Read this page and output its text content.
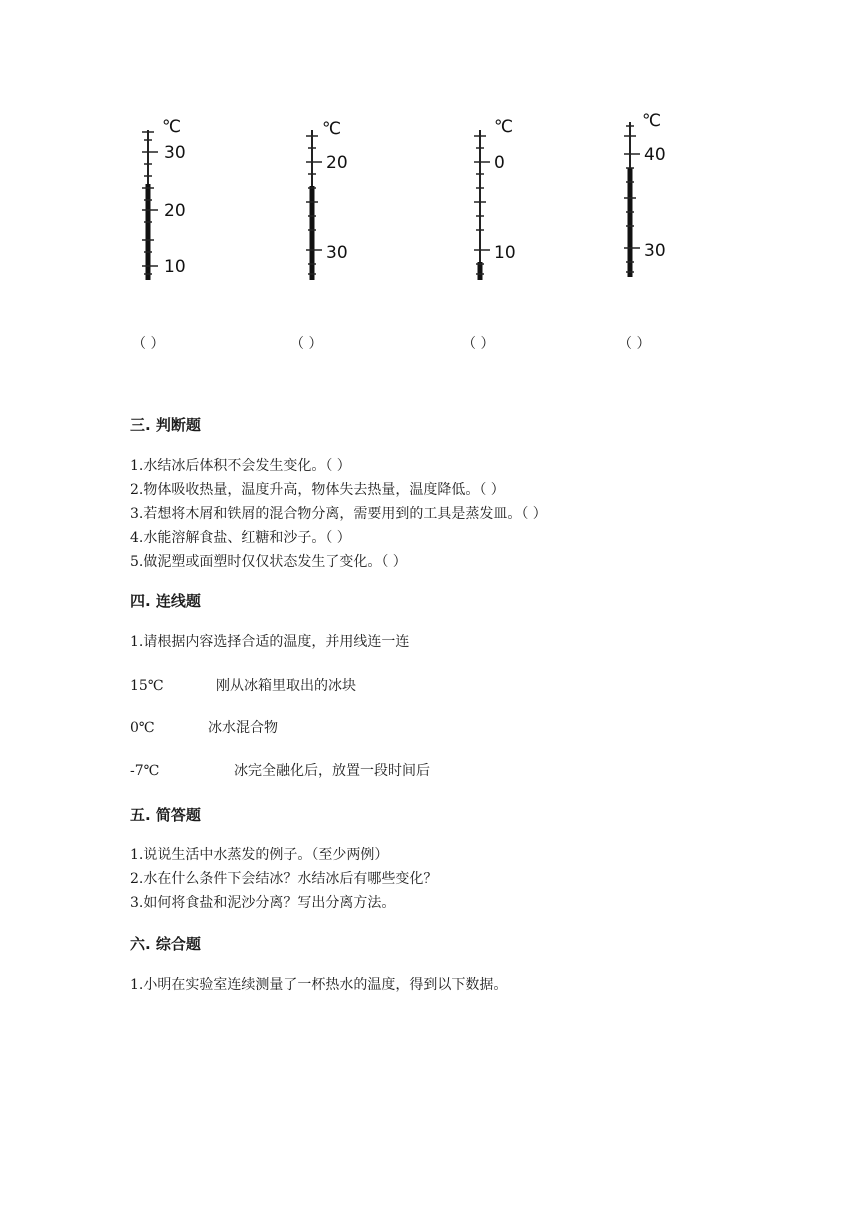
℃
30
20
10
℃
20
30
℃
0
10
℃
40
30
（ ）	（ ）	（ ）	（ ）
三. 判断题
1.水结冰后体积不会发生变化。（ ）
2.物体吸收热量，温度升高，物体失去热量，温度降低。（ ）
3.若想将木屑和铁屑的混合物分离，需要用到的工具是蒸发皿。（ ）
4.水能溶解食盐、红糖和沙子。（ ）
5.做泥塑或面塑时仅仅状态发生了变化。（ ）
四. 连线题
1.请根据内容选择合适的温度，并用线连一连
15℃	刚从冰箱里取出的冰块
0℃	冰水混合物
-7℃	冰完全融化后，放置一段时间后
五. 简答题
1.说说生活中水蒸发的例子。（至少两例）
2.水在什么条件下会结冰？水结冰后有哪些变化？
3.如何将食盐和泥沙分离？写出分离方法。
六. 综合题
1.小明在实验室连续测量了一杯热水的温度，得到以下数据。
